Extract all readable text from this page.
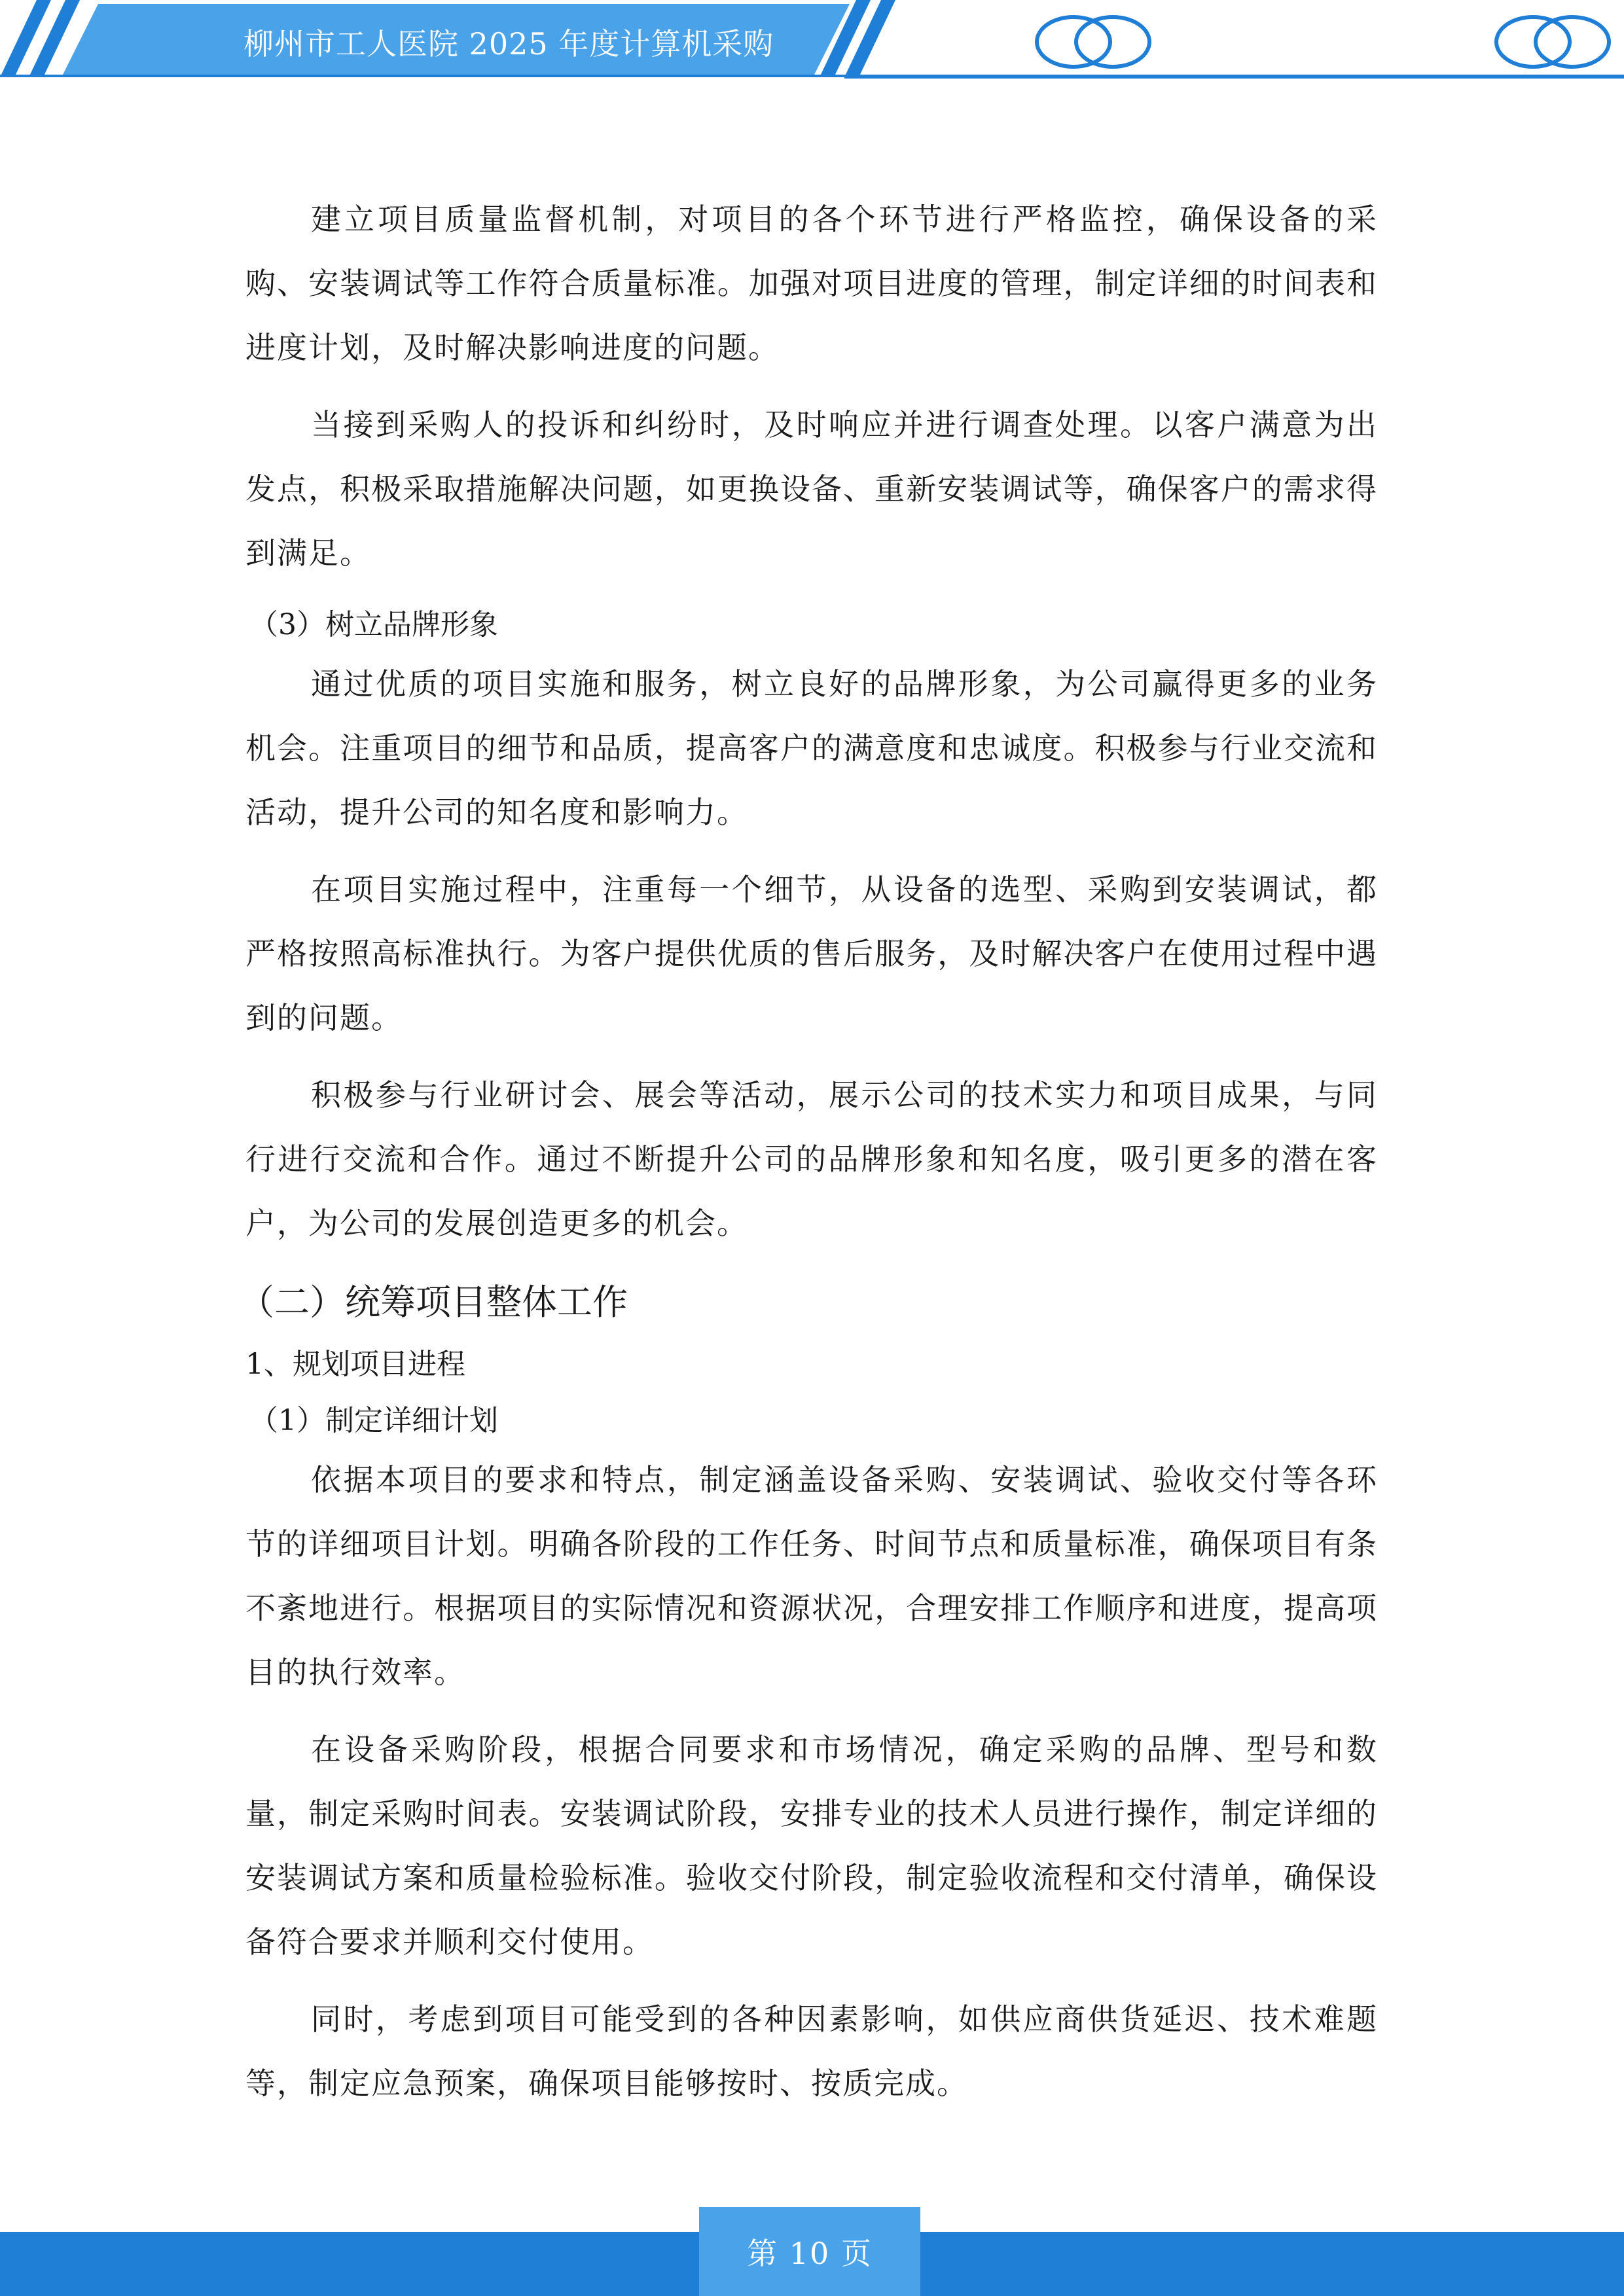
柳州市工人医院 2025 年度计算机采购

建立项目质量监督机制，对项目的各个环节进行严格监控，确保设备的采购、安装调试等工作符合质量标准。加强对项目进度的管理，制定详细的时间表和进度计划，及时解决影响进度的问题。

当接到采购人的投诉和纠纷时，及时响应并进行调查处理。以客户满意为出发点，积极采取措施解决问题，如更换设备、重新安装调试等，确保客户的需求得到满足。

（3）树立品牌形象

通过优质的项目实施和服务，树立良好的品牌形象，为公司赢得更多的业务机会。注重项目的细节和品质，提高客户的满意度和忠诚度。积极参与行业交流和活动，提升公司的知名度和影响力。

在项目实施过程中，注重每一个细节，从设备的选型、采购到安装调试，都严格按照高标准执行。为客户提供优质的售后服务，及时解决客户在使用过程中遇到的问题。

积极参与行业研讨会、展会等活动，展示公司的技术实力和项目成果，与同行进行交流和合作。通过不断提升公司的品牌形象和知名度，吸引更多的潜在客户，为公司的发展创造更多的机会。

（二）统筹项目整体工作
1、规划项目进程
（1）制定详细计划

依据本项目的要求和特点，制定涵盖设备采购、安装调试、验收交付等各环节的详细项目计划。明确各阶段的工作任务、时间节点和质量标准，确保项目有条不紊地进行。根据项目的实际情况和资源状况，合理安排工作顺序和进度，提高项目的执行效率。

在设备采购阶段，根据合同要求和市场情况，确定采购的品牌、型号和数量，制定采购时间表。安装调试阶段，安排专业的技术人员进行操作，制定详细的安装调试方案和质量检验标准。验收交付阶段，制定验收流程和交付清单，确保设备符合要求并顺利交付使用。

同时，考虑到项目可能受到的各种因素影响，如供应商供货延迟、技术难题等，制定应急预案，确保项目能够按时、按质完成。

第 10 页
